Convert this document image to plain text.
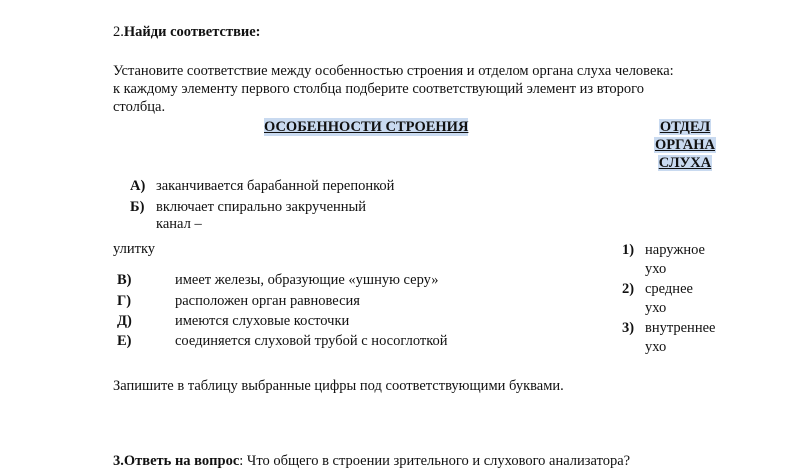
2.Найди соответствие:
Установите соответствие между особенностью строения и отделом органа слуха человека:
к каждому элементу первого столбца подберите соответствующий элемент из второго
столбца.
ОСОБЕННОСТИ СТРОЕНИЯ	ОТДЕЛ
ОРГАНА
СЛУХА
А) заканчивается барабанной перепонкой
Б) включает спирально закрученный
канал –
улитку
В)	имеет железы, образующие «ушную серу»
Г)	расположен орган равновесия
Д)	имеются слуховые косточки
Е)	соединяется слуховой трубой с носоглоткой
1) наружное
ухо
2) среднее
ухо
3) внутреннее
ухо
Запишите в таблицу выбранные цифры под соответствующими буквами.
3.Ответь на вопрос: Что общего в строении зрительного и слухового анализатора?
